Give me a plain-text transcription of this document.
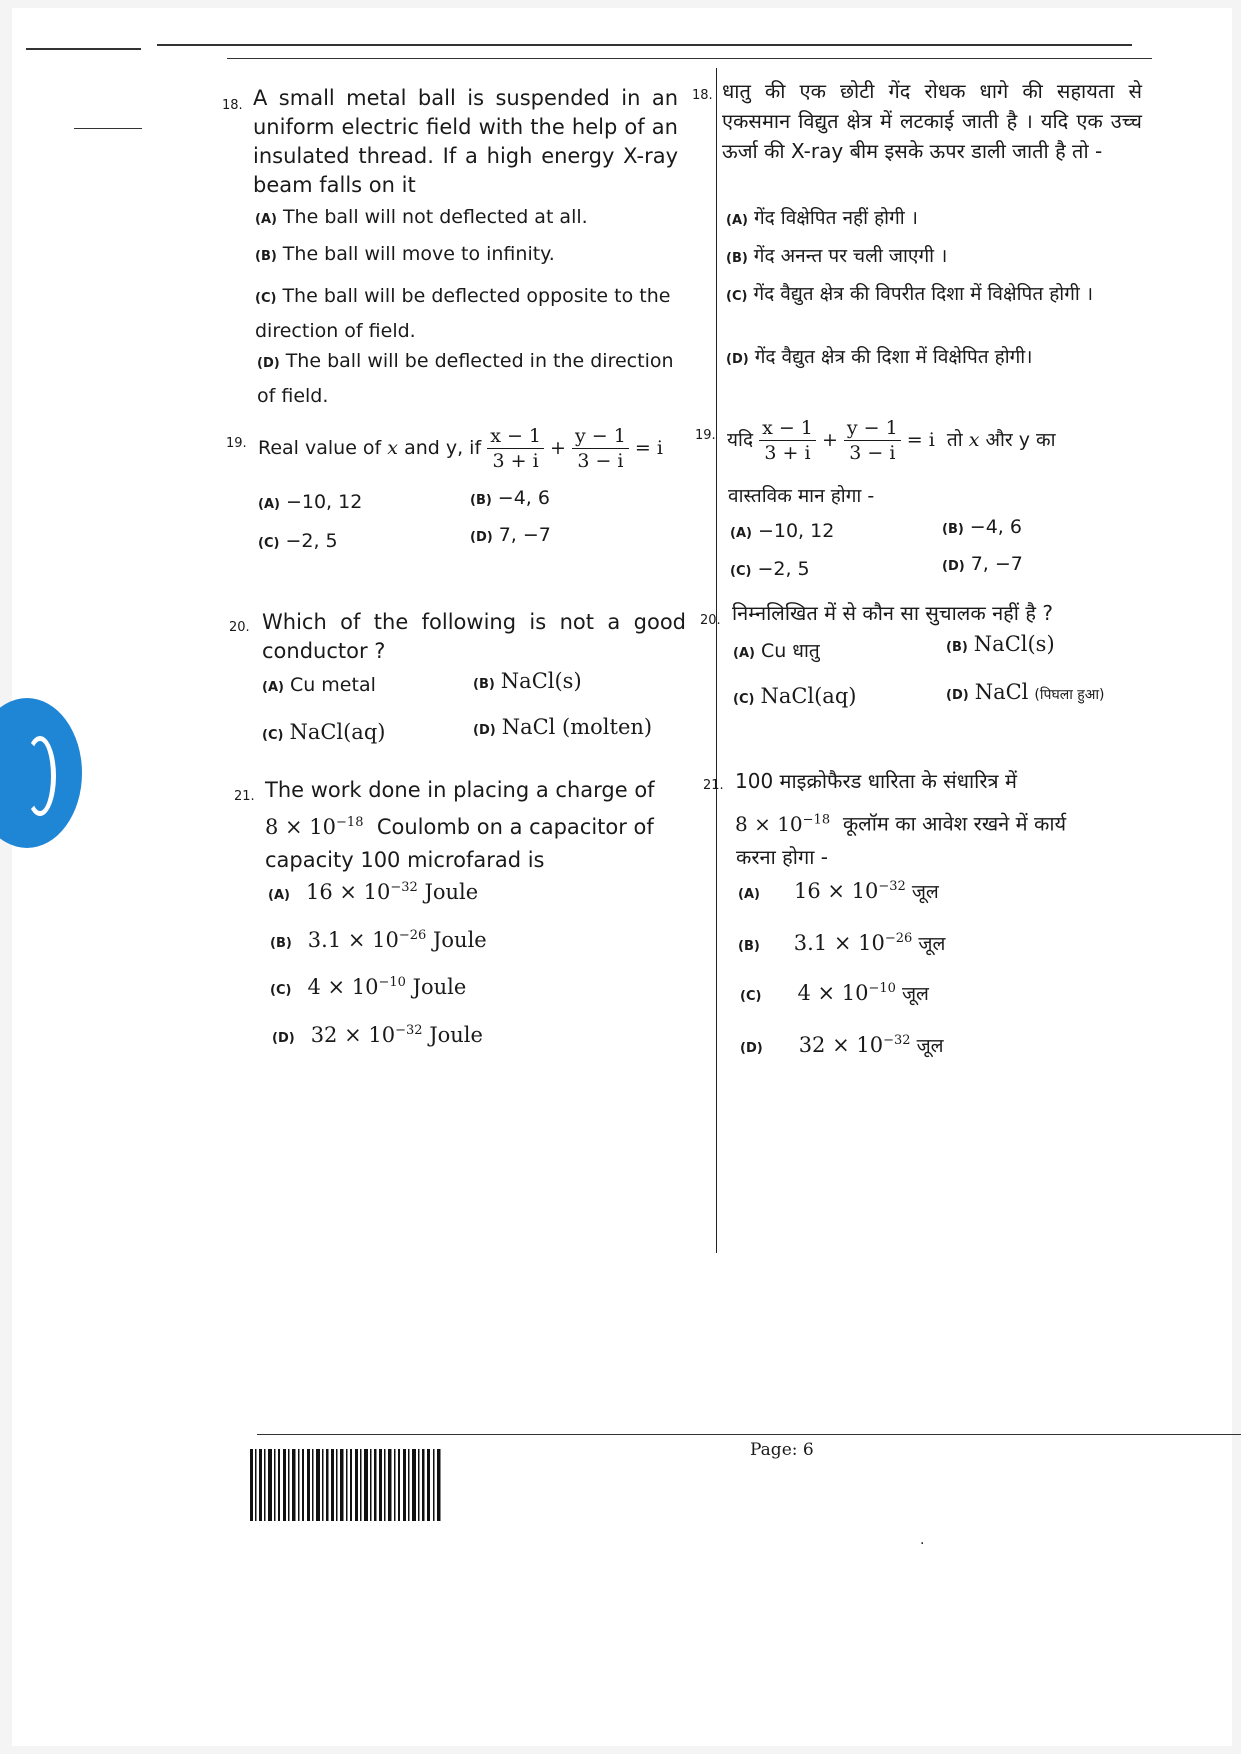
18. A small metal ball is suspended in an uniform electric field with the help of an insulated thread. If a high energy X-ray beam falls on it
(A) The ball will not deflected at all.
(B) The ball will move to infinity.
(C) The ball will be deflected opposite to the direction of field.
(D) The ball will be deflected in the direction of field.
19. Real value of x and y, if $\frac{x - 1}{3 + i} + \frac{y - 1}{3 - i} = i$
(A) −10, 12	(B) −4, 6
(C) −2, 5	(D) 7, −7
20. Which of the following is not a good conductor ?
(A) Cu metal	(B) NaCl(s)
(C) NaCl(aq)	(D) NaCl (molten)
21. The work done in placing a charge of
$8 \times 10^{-18}$ Coulomb on a capacitor of
capacity 100 microfarad is
(A) $16 \times 10^{-32}$ Joule
(B) $3.1 \times 10^{-26}$ Joule
(C) $4 \times 10^{-10}$ Joule
(D) $32 \times 10^{-32}$ Joule
18. धातु की एक छोटी गेंद रोधक धागे की सहायता से एकसमान विद्युत क्षेत्र में लटकाई जाती है । यदि एक उच्च ऊर्जा की X-ray बीम इसके ऊपर डाली जाती है तो -
(A) गेंद विक्षेपित नहीं होगी ।
(B) गेंद अनन्त पर चली जाएगी ।
(C) गेंद वैद्युत क्षेत्र की विपरीत दिशा में विक्षेपित होगी ।
(D) गेंद वैद्युत क्षेत्र की दिशा में विक्षेपित होगी।
19. यदि $\frac{x - 1}{3 + i} + \frac{y - 1}{3 - i} = i$ तो x और y का
वास्तविक मान होगा -
(A) −10, 12	(B) −4, 6
(C) −2, 5	(D) 7, −7
20. निम्नलिखित में से कौन सा सुचालक नहीं है ?
(A) Cu धातु	(B) NaCl(s)
(C) NaCl(aq)	(D) NaCl (पिघला हुआ)
21. 100 माइक्रोफैरड धारिता के संधारित्र में
$8 \times 10^{-18}$ कूलॉम का आवेश रखने में कार्य
करना होगा -
(A) $16 \times 10^{-32}$ जूल
(B) $3.1 \times 10^{-26}$ जूल
(C) $4 \times 10^{-10}$ जूल
(D) $32 \times 10^{-32}$ जूल
Page: 6
·
